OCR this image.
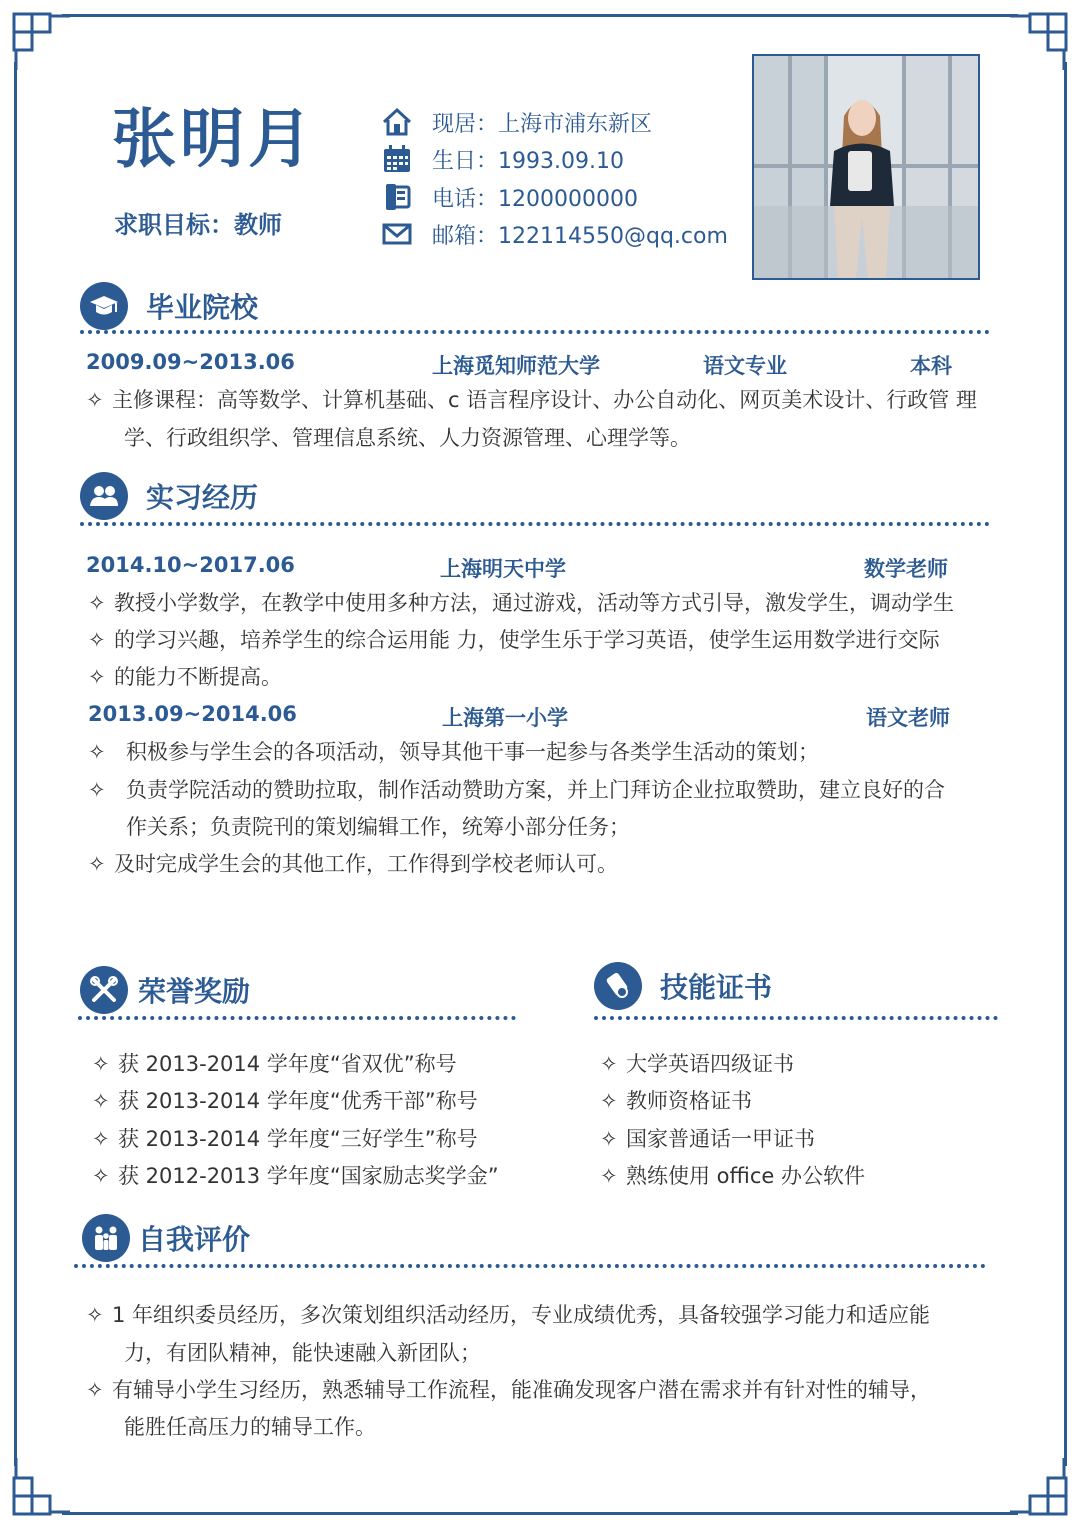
张明月
求职目标：教师
现居：上海市浦东新区
生日：1993.09.10
电话：1200000000
邮箱：122114550@qq.com
毕业院校
2009.09~2013.06	上海觅知师范大学	语文专业	本科
✧ 主修课程：高等数学、计算机基础、c 语言程序设计、办公自动化、网页美术设计、行政管 理
学、行政组织学、管理信息系统、人力资源管理、心理学等。
实习经历
2014.10~2017.06	上海明天中学	数学老师
✧ 教授小学数学，在教学中使用多种方法，通过游戏，活动等方式引导，激发学生，调动学生
✧ 的学习兴趣，培养学生的综合运用能 力，使学生乐于学习英语，使学生运用数学进行交际
✧ 的能力不断提高。
2013.09~2014.06	上海第一小学	语文老师
✧ 积极参与学生会的各项活动，领导其他干事一起参与各类学生活动的策划；
✧ 负责学院活动的赞助拉取，制作活动赞助方案，并上门拜访企业拉取赞助，建立良好的合
作关系；负责院刊的策划编辑工作，统筹小部分任务；
✧ 及时完成学生会的其他工作，工作得到学校老师认可。
荣誉奖励
✧ 获 2013-2014 学年度“省双优”称号
✧ 获 2013-2014 学年度“优秀干部”称号
✧ 获 2013-2014 学年度“三好学生”称号
✧ 获 2012-2013 学年度“国家励志奖学金”
技能证书
✧ 大学英语四级证书
✧ 教师资格证书
✧ 国家普通话一甲证书
✧ 熟练使用 office 办公软件
自我评价
✧ 1 年组织委员经历，多次策划组织活动经历，专业成绩优秀，具备较强学习能力和适应能
力，有团队精神，能快速融入新团队；
✧ 有辅导小学生习经历，熟悉辅导工作流程，能准确发现客户潜在需求并有针对性的辅导，
能胜任高压力的辅导工作。
